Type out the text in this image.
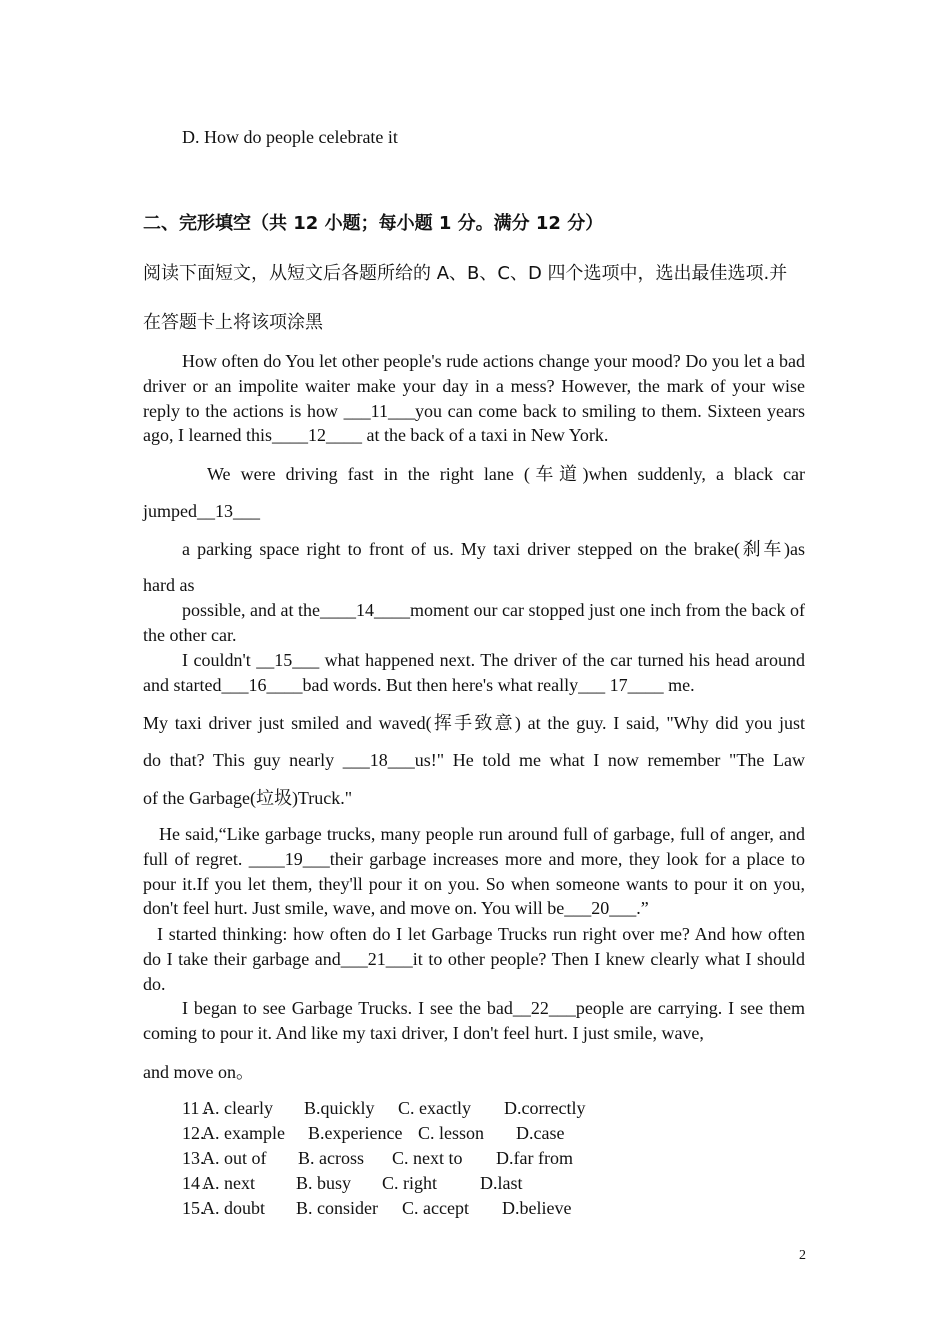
D. How do people celebrate it

二、完形填空（共 12 小题；每小题 1 分。满分 12 分）

阅读下面短文，从短文后各题所给的 A、B、C、D 四个选项中，选出最佳选项.并

在答题卡上将该项涂黑

How often do You let other people's rude actions change your mood? Do you let a bad driver or an impolite waiter make your day in a mess? However, the mark of your wise reply to the actions is how ___11___you can come back to smiling to them. Sixteen years ago, I learned this____12____ at the back of a taxi in New York.

We were driving fast in the right lane (车道)when suddenly, a black car

jumped__13___

a parking space right to front of us. My taxi driver stepped on the brake(刹车)as

hard as

possible, and at the____14____moment our car stopped just one inch from the back of the other car.

I couldn't __15___ what happened next. The driver of the car turned his head around and started___16____bad words. But then here's what really___ 17____ me.

My taxi driver just smiled and waved(挥手致意) at the guy. I said, "Why did you just

do that? This guy nearly ___18___us!" He told me what I now remember "The Law

of the Garbage(垃圾)Truck."

He said,“Like garbage trucks, many people run around full of garbage, full of anger, and full of regret. ____19___their garbage increases more and more, they look for a place to pour it.If you let them, they'll pour it on you. So when someone wants to pour it on you, don't feel hurt. Just smile, wave, and move on. You will be___20___.”

I started thinking: how often do I let Garbage Trucks run right over me? And how often do I take their garbage and___21___it to other people? Then I knew clearly what I should do.

I began to see Garbage Trucks. I see the bad__22___people are carrying. I see them coming to pour it. And like my taxi driver, I don't feel hurt. I just smile, wave,

and move on。

11 .
A. clearly B.quickly C. exactly D.correctly
12.
A. example B.experience C. lesson D.case
13.
A. out of B. across C. next to D.far from
14 .
A. next B. busy C. right D.last
15.
A. doubt B. consider C. accept D.believe

2
